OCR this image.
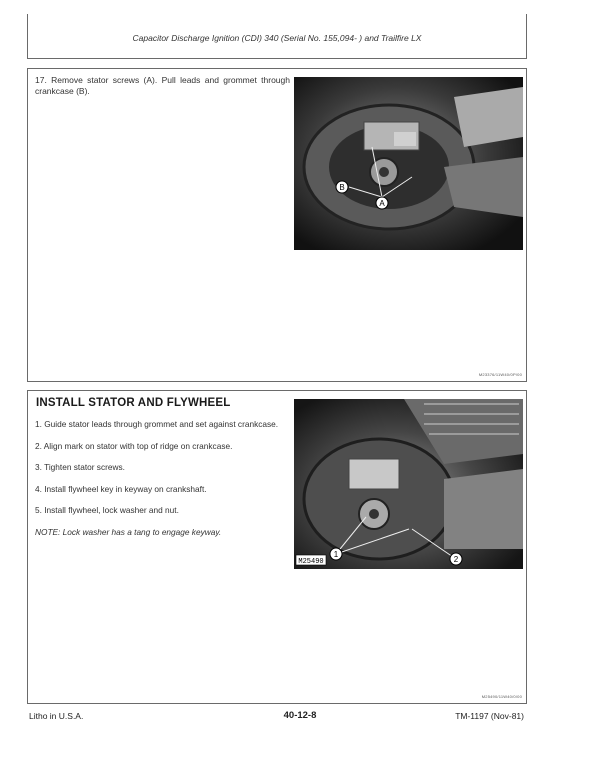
Capacitor Discharge Ignition (CDI) 340 (Serial No. 155,094- ) and Trailfire LX
17. Remove stator screws (A). Pull leads and grommet through crankcase (B).
B
A
M23376/11W40/0P/00
INSTALL STATOR AND FLYWHEEL

1. Guide stator leads through grommet and set against crankcase.

2. Align mark on stator with top of ridge on crankcase.

3. Tighten stator screws.

4. Install flywheel key in keyway on crankshaft.

5. Install flywheel, lock washer and nut.

NOTE: Lock washer has a tang to engage keyway.

M25490
1
2
M25490/11W40/0/00
Litho in U.S.A.	40-12-8	TM-1197 (Nov-81)
